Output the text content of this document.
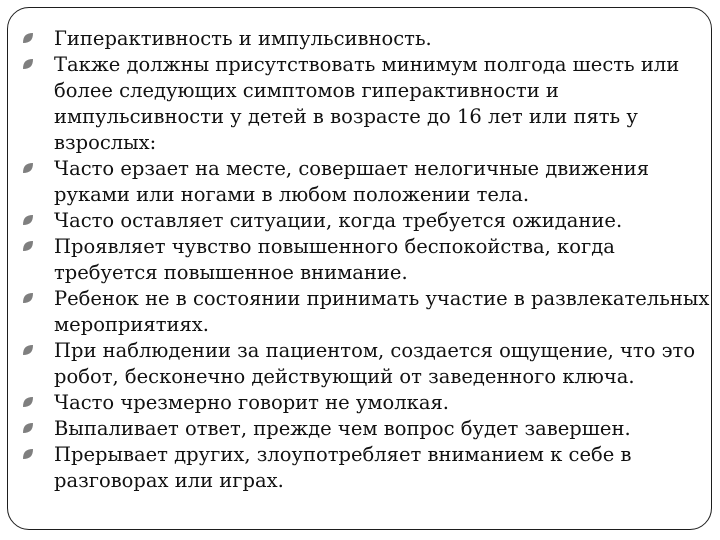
Гиперактивность и импульсивность.
Также должны присутствовать минимум полгода шесть или более следующих симптомов гиперактивности и импульсивности у детей в возрасте до 16 лет или пять у взрослых:
Часто ерзает на месте, совершает нелогичные движения руками или ногами в любом положении тела.
Часто оставляет ситуации, когда требуется ожидание.
Проявляет чувство повышенного беспокойства, когда требуется повышенное внимание.
Ребенок не в состоянии принимать участие в развлекательных мероприятиях.
При наблюдении за пациентом, создается ощущение, что это робот, бесконечно действующий от заведенного ключа.
Часто чрезмерно говорит не умолкая.
Выпаливает ответ, прежде чем вопрос будет завершен.
Прерывает других, злоупотребляет вниманием к себе в разговорах или играх.
